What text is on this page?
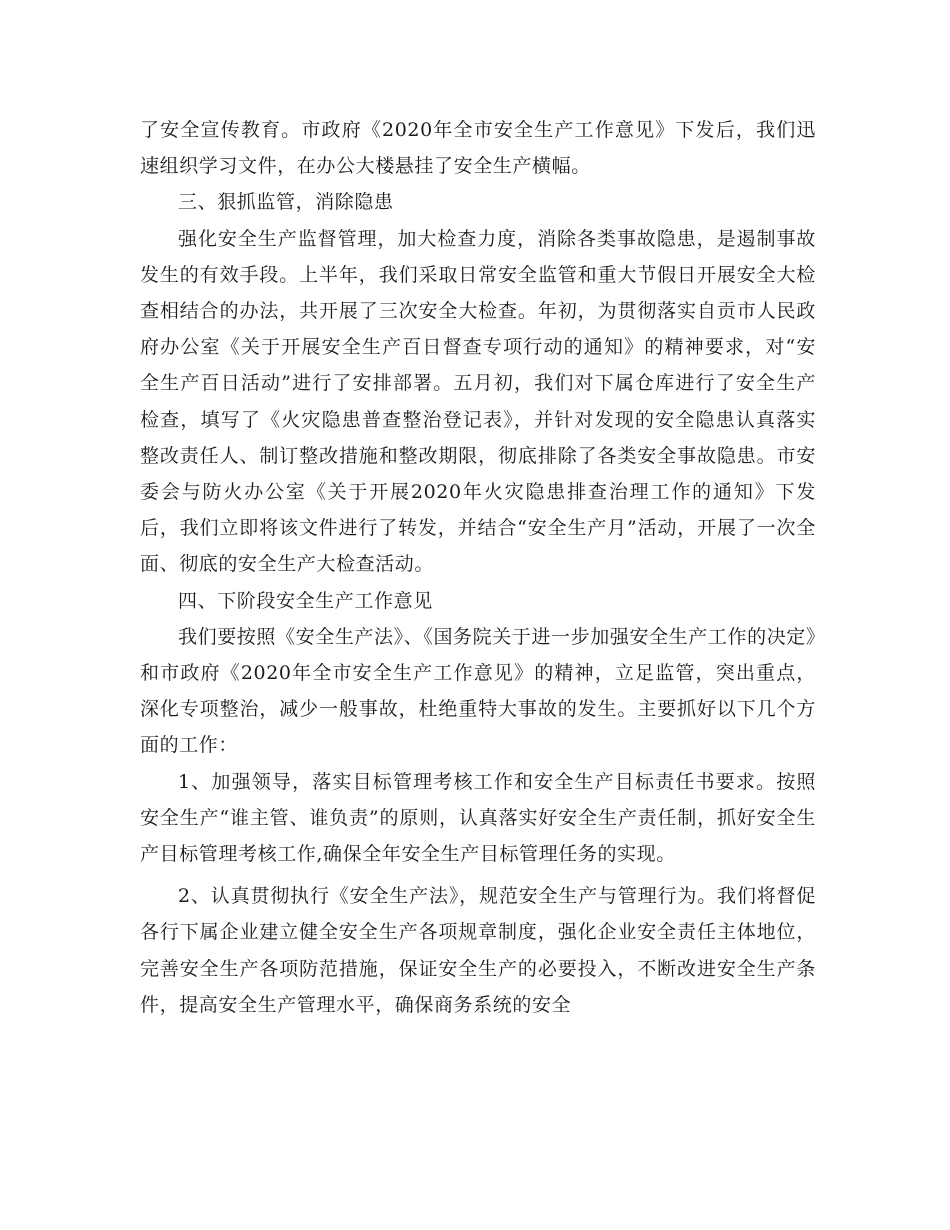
了安全宣传教育。市政府《2020年全市安全生产工作意见》下发后，我们迅速组织学习文件，在办公大楼悬挂了安全生产横幅。

三、狠抓监管，消除隐患

强化安全生产监督管理，加大检查力度，消除各类事故隐患，是遏制事故发生的有效手段。上半年，我们采取日常安全监管和重大节假日开展安全大检查相结合的办法，共开展了三次安全大检查。年初，为贯彻落实自贡市人民政府办公室《关于开展安全生产百日督查专项行动的通知》的精神要求，对“安全生产百日活动”进行了安排部署。五月初，我们对下属仓库进行了安全生产检查，填写了《火灾隐患普查整治登记表》，并针对发现的安全隐患认真落实整改责任人、制订整改措施和整改期限，彻底排除了各类安全事故隐患。市安委会与防火办公室《关于开展2020年火灾隐患排查治理工作的通知》下发后，我们立即将该文件进行了转发，并结合“安全生产月”活动，开展了一次全面、彻底的安全生产大检查活动。

四、下阶段安全生产工作意见

我们要按照《安全生产法》、《国务院关于进一步加强安全生产工作的决定》和市政府《2020年全市安全生产工作意见》的精神，立足监管，突出重点，深化专项整治，减少一般事故，杜绝重特大事故的发生。主要抓好以下几个方面的工作：

1、加强领导，落实目标管理考核工作和安全生产目标责任书要求。按照安全生产“谁主管、谁负责”的原则，认真落实好安全生产责任制，抓好安全生产目标管理考核工作,确保全年安全生产目标管理任务的实现。

2、认真贯彻执行《安全生产法》，规范安全生产与管理行为。我们将督促各行下属企业建立健全安全生产各项规章制度，强化企业安全责任主体地位，完善安全生产各项防范措施，保证安全生产的必要投入，不断改进安全生产条件，提高安全生产管理水平，确保商务系统的安全
